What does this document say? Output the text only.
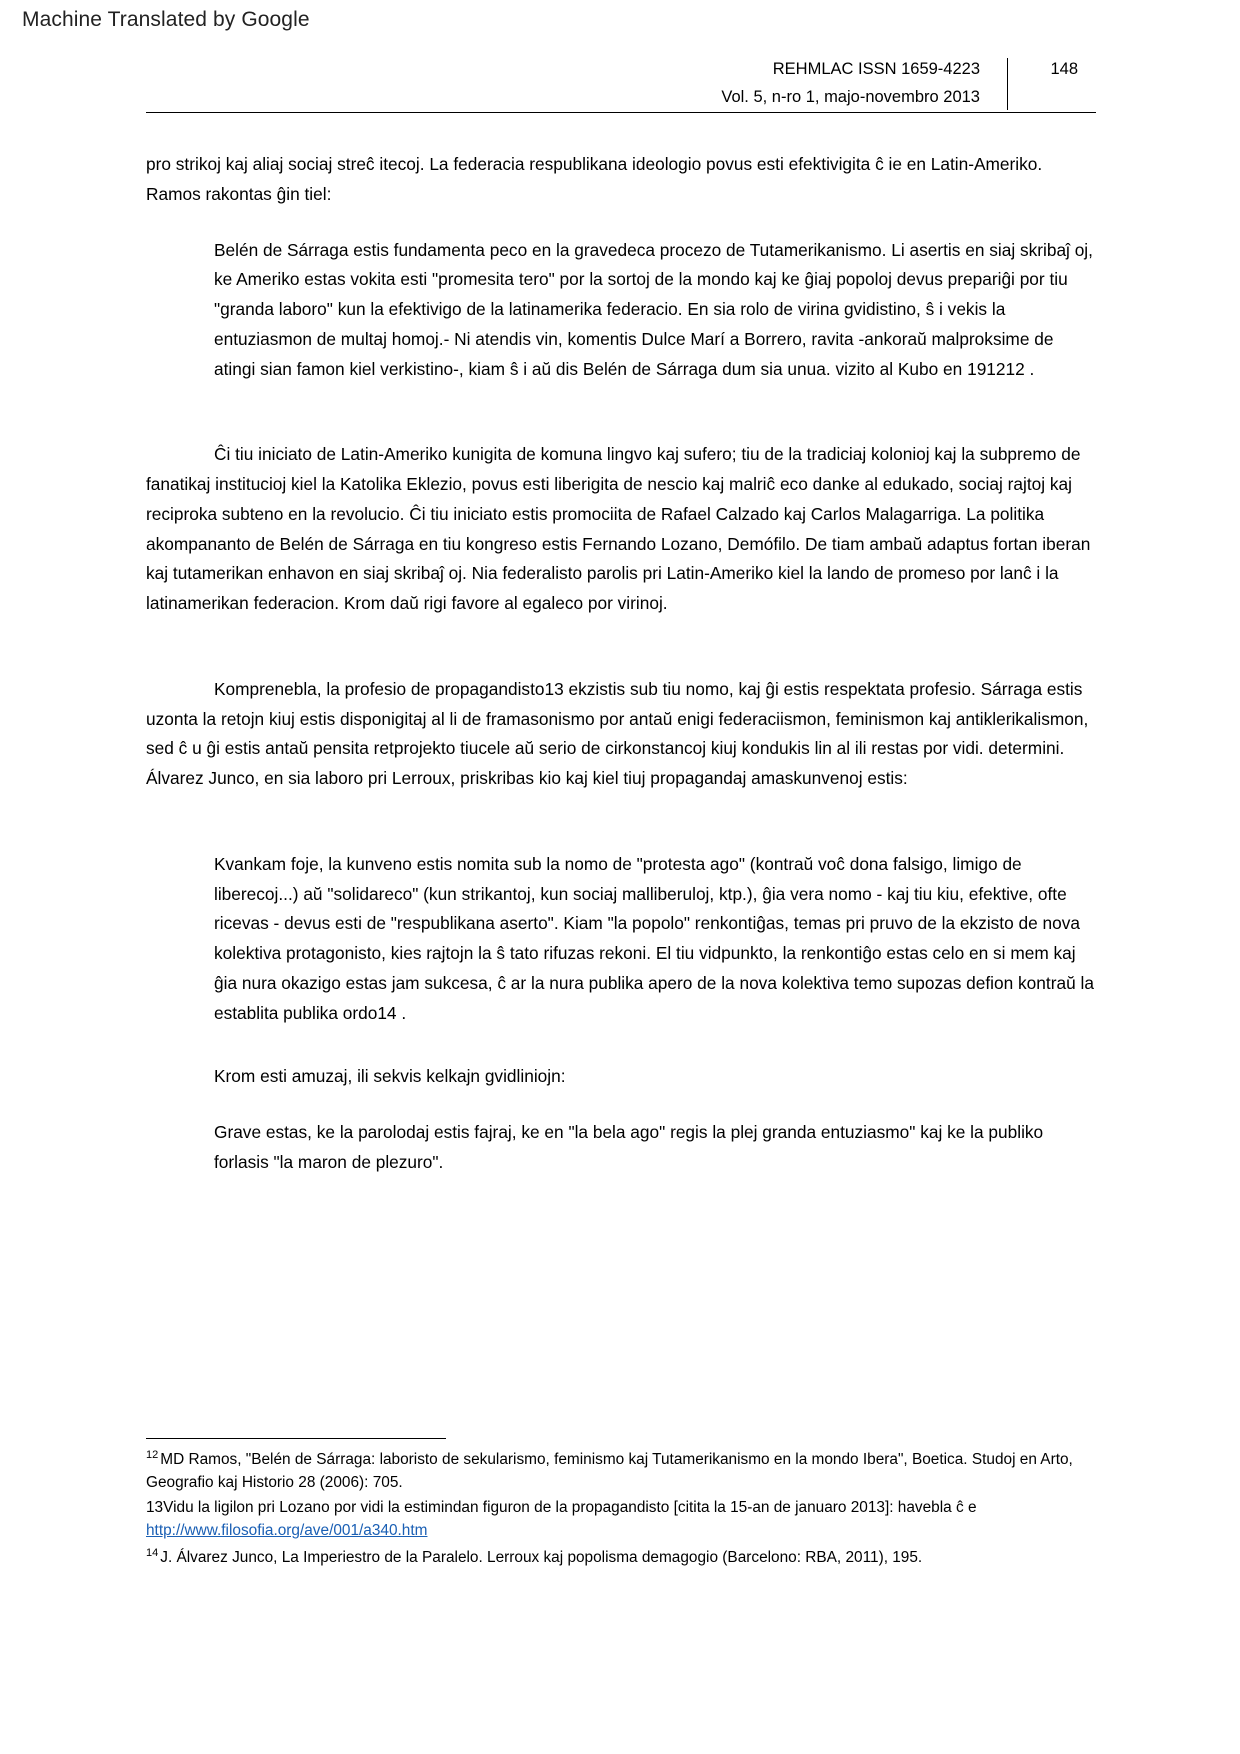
Machine Translated by Google
REHMLAC ISSN 1659-4223
Vol. 5, n-ro 1, majo-novembro 2013
148

pro strikoj kaj aliaj sociaj streĉ itecoj. La federacia respublikana ideologio povus esti efektivigita ĉ ie en Latin-Ameriko. Ramos rakontas ĝin tiel:

Belén de Sárraga estis fundamenta peco en la gravedeca procezo de Tutamerikanismo. Li asertis en siaj skribaĵ oj, ke Ameriko estas vokita esti "promesita tero" por la sortoj de la mondo kaj ke ĝiaj popoloj devus prepariĝi por tiu "granda laboro" kun la efektivigo de la latinamerika federacio. En sia rolo de virina gvidistino, ŝ i vekis la entuziasmon de multaj homoj.- Ni atendis vin, komentis Dulce Marí a Borrero, ravita -ankoraŭ malproksime de atingi sian famon kiel verkistino-, kiam ŝ i aŭ dis Belén de Sárraga dum sia unua. vizito al Kubo en 191212 .

Ĉi tiu iniciato de Latin-Ameriko kunigita de komuna lingvo kaj sufero; tiu de la tradiciaj kolonioj kaj la subpremo de fanatikaj institucioj kiel la Katolika Eklezio, povus esti liberigita de nescio kaj malriĉ eco danke al edukado, sociaj rajtoj kaj reciproka subteno en la revolucio. Ĉi tiu iniciato estis promociita de Rafael Calzado kaj Carlos Malagarriga. La politika akompananto de Belén de Sárraga en tiu kongreso estis Fernando Lozano, Demófilo. De tiam ambaŭ adaptus fortan iberan kaj tutamerikan enhavon en siaj skribaĵ oj. Nia federalisto parolis pri Latin-Ameriko kiel la lando de promeso por lanĉ i la latinamerikan federacion. Krom daŭ rigi favore al egaleco por virinoj.

Komprenebla, la profesio de propagandisto13 ekzistis sub tiu nomo, kaj ĝi estis respektata profesio. Sárraga estis uzonta la retojn kiuj estis disponigitaj al li de framasonismo por antaŭ enigi federaciismon, feminismon kaj antiklerikalismon, sed ĉ u ĝi estis antaŭ pensita retprojekto tiucele aŭ serio de cirkonstancoj kiuj kondukis lin al ili restas por vidi. determini. Álvarez Junco, en sia laboro pri Lerroux, priskribas kio kaj kiel tiuj propagandaj amaskunvenoj estis:

Kvankam foje, la kunveno estis nomita sub la nomo de "protesta ago" (kontraŭ voĉ dona falsigo, limigo de liberecoj...) aŭ "solidareco" (kun strikantoj, kun sociaj malliberuloj, ktp.), ĝia vera nomo - kaj tiu kiu, efektive, ofte ricevas - devus esti de "respublikana aserto". Kiam "la popolo" renkontiĝas, temas pri pruvo de la ekzisto de nova kolektiva protagonisto, kies rajtojn la ŝ tato rifuzas rekoni. El tiu vidpunkto, la renkontiĝo estas celo en si mem kaj ĝia nura okazigo estas jam sukcesa, ĉ ar la nura publika apero de la nova kolektiva temo supozas defion kontraŭ la establita publika ordo14 .
Krom esti amuzaj, ili sekvis kelkajn gvidliniojn:
Grave estas, ke la parolodaj estis fajraj, ke en "la bela ago" regis la plej granda entuziasmo" kaj ke la publiko forlasis "la maron de plezuro".

$^{12}$ MD Ramos, "Belén de Sárraga: laboristo de sekularismo, feminismo kaj Tutamerikanismo en la mondo Ibera", Boetica. Studoj en Arto, Geografio kaj Historio 28 (2006): 705.

13Vidu la ligilon pri Lozano por vidi la estimindan figuron de la propagandisto [citita la 15-an de januaro 2013]: havebla ĉ e http://www.filosofia.org/ave/001/a340.htm

$^{14}$ J. Álvarez Junco, La Imperiestro de la Paralelo. Lerroux kaj popolisma demagogio (Barcelono: RBA, 2011), 195.
